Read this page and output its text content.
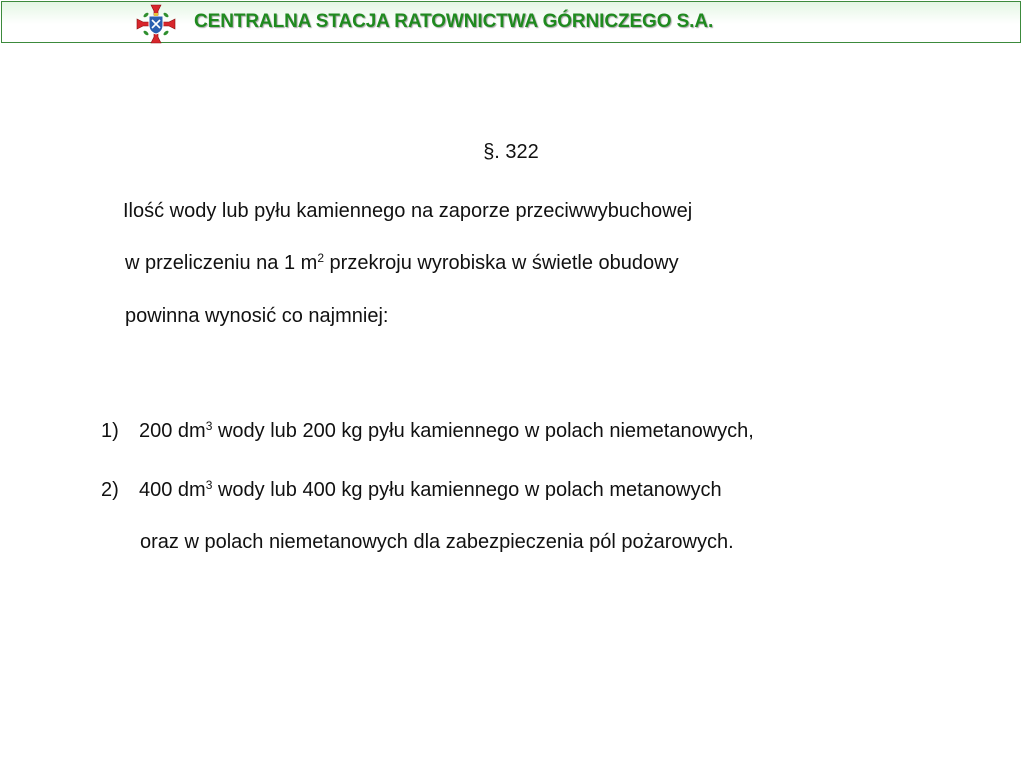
CENTRALNA STACJA RATOWNICTWA GÓRNICZEGO S.A.
§. 322
Ilość wody lub pyłu kamiennego na zaporze przeciwwybuchowej
w przeliczeniu na 1 $m^2$ przekroju wyrobiska w świetle obudowy
powinna wynosić co najmniej:
1) 200 $dm^3$ wody lub 200 kg pyłu kamiennego w polach niemetanowych,
2) 400 $dm^3$ wody lub 400 kg pyłu kamiennego w polach metanowych
oraz w polach niemetanowych dla zabezpieczenia pól pożarowych.
